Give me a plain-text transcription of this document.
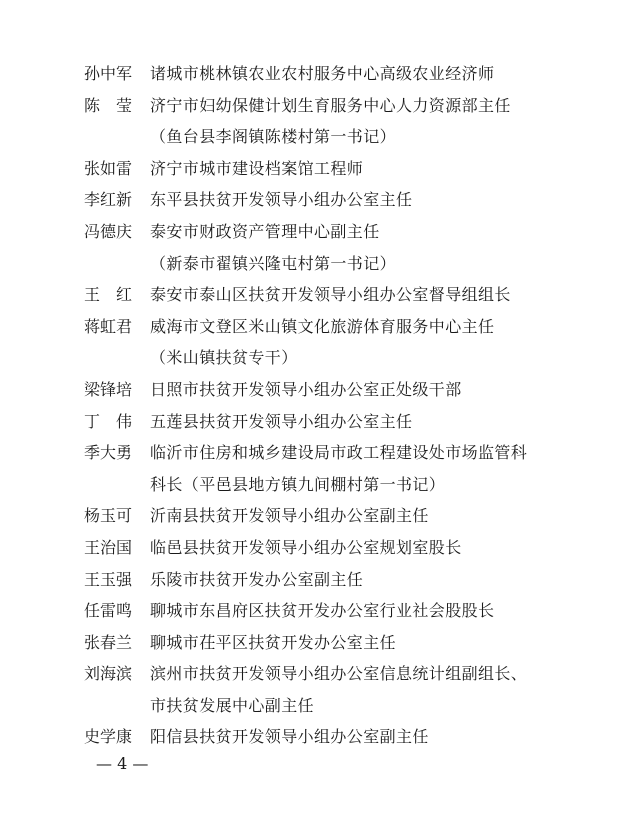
孙中军	诸城市桃林镇农业农村服务中心高级农业经济师
陈　莹	济宁市妇幼保健计划生育服务中心人力资源部主任
（鱼台县李阁镇陈楼村第一书记）
张如雷	济宁市城市建设档案馆工程师
李红新	东平县扶贫开发领导小组办公室主任
冯德庆	泰安市财政资产管理中心副主任
（新泰市翟镇兴隆屯村第一书记）
王　红	泰安市泰山区扶贫开发领导小组办公室督导组组长
蒋虹君	威海市文登区米山镇文化旅游体育服务中心主任
（米山镇扶贫专干）
梁锋培	日照市扶贫开发领导小组办公室正处级干部
丁　伟	五莲县扶贫开发领导小组办公室主任
季大勇	临沂市住房和城乡建设局市政工程建设处市场监管科
科长（平邑县地方镇九间棚村第一书记）
杨玉可	沂南县扶贫开发领导小组办公室副主任
王治国	临邑县扶贫开发领导小组办公室规划室股长
王玉强	乐陵市扶贫开发办公室副主任
任雷鸣	聊城市东昌府区扶贫开发办公室行业社会股股长
张春兰	聊城市茌平区扶贫开发办公室主任
刘海滨	滨州市扶贫开发领导小组办公室信息统计组副组长、
市扶贫发展中心副主任
史学康	阳信县扶贫开发领导小组办公室副主任
— 4 —
